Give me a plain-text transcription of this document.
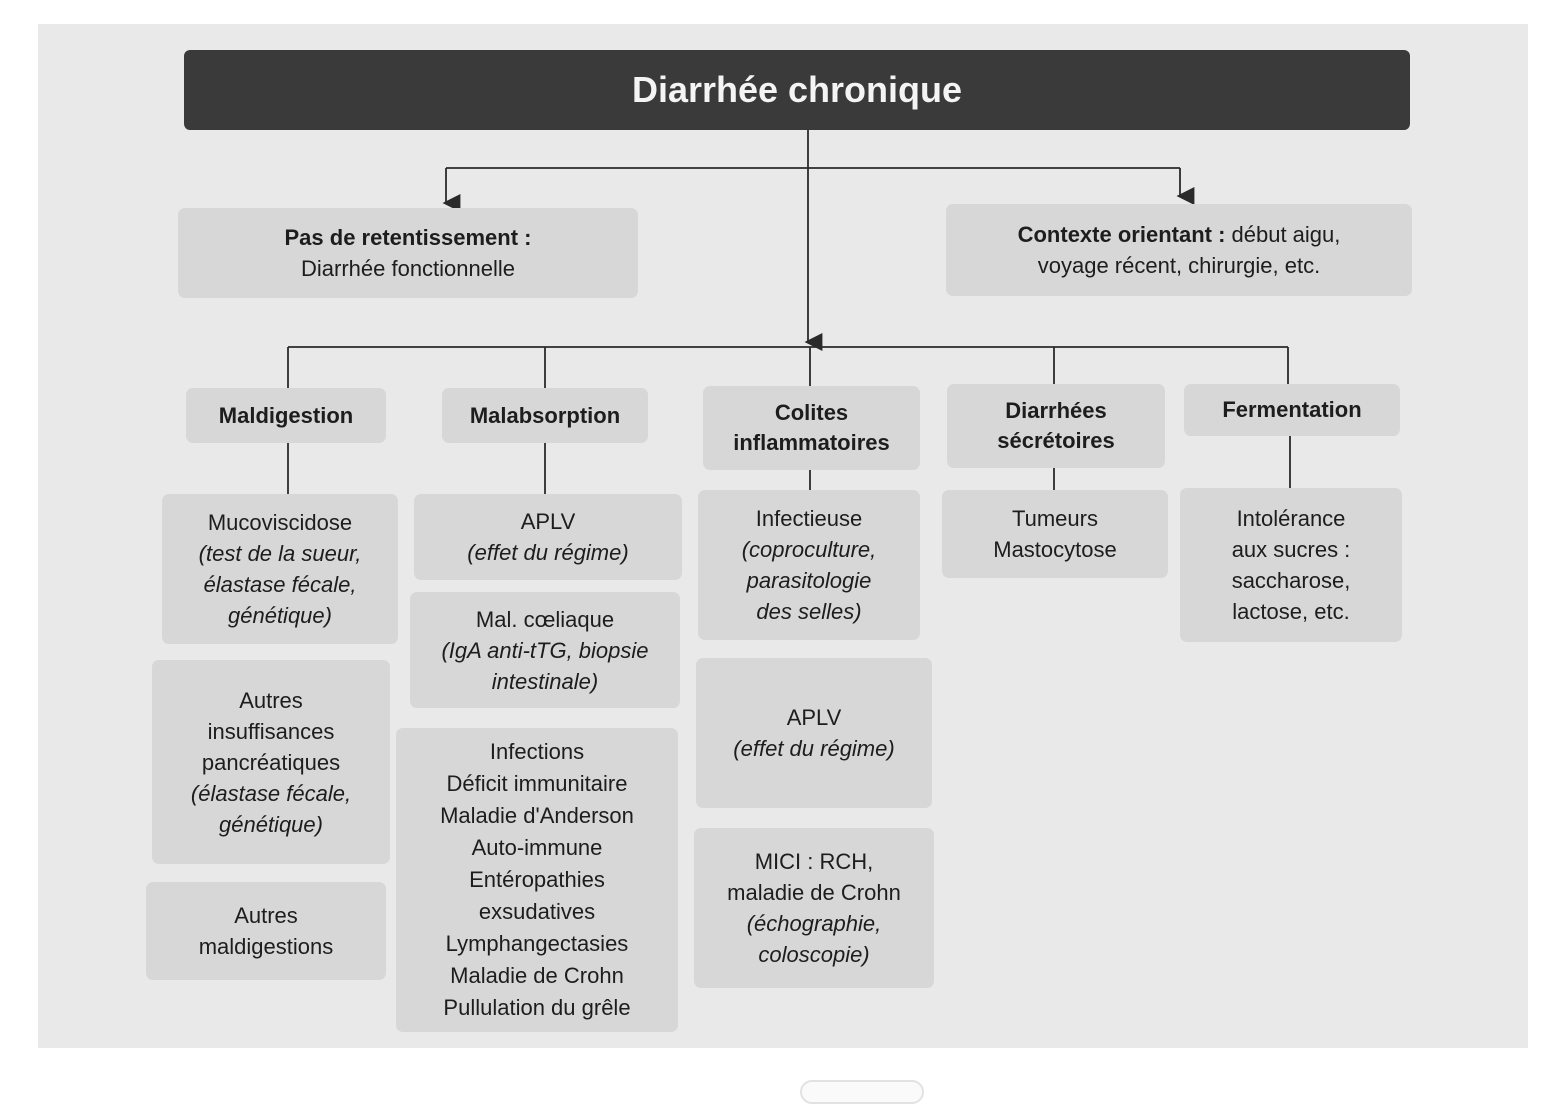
Diarrhée chronique
Pas de retentissement :
Diarrhée fonctionnelle
Contexte orientant : début aigu,
voyage récent, chirurgie, etc.
Maldigestion	Malabsorption	Colites
inflammatoires
Diarrhées
sécrétoires
Fermentation
Mucoviscidose
(test de la sueur,
élastase fécale,
génétique)
Autres
insuffisances
pancréatiques
(élastase fécale,
génétique)
Autres
maldigestions
APLV
(effet du régime)
Mal. cœliaque
(IgA anti-tTG, biopsie
intestinale)
Infections
Déficit immunitaire
Maladie d'Anderson
Auto-immune
Entéropathies
exsudatives
Lymphangectasies
Maladie de Crohn
Pullulation du grêle
Infectieuse
(coproculture,
parasitologie
des selles)
APLV
(effet du régime)
MICI : RCH,
maladie de Crohn
(échographie,
coloscopie)
Tumeurs
Mastocytose
Intolérance
aux sucres :
saccharose,
lactose, etc.
